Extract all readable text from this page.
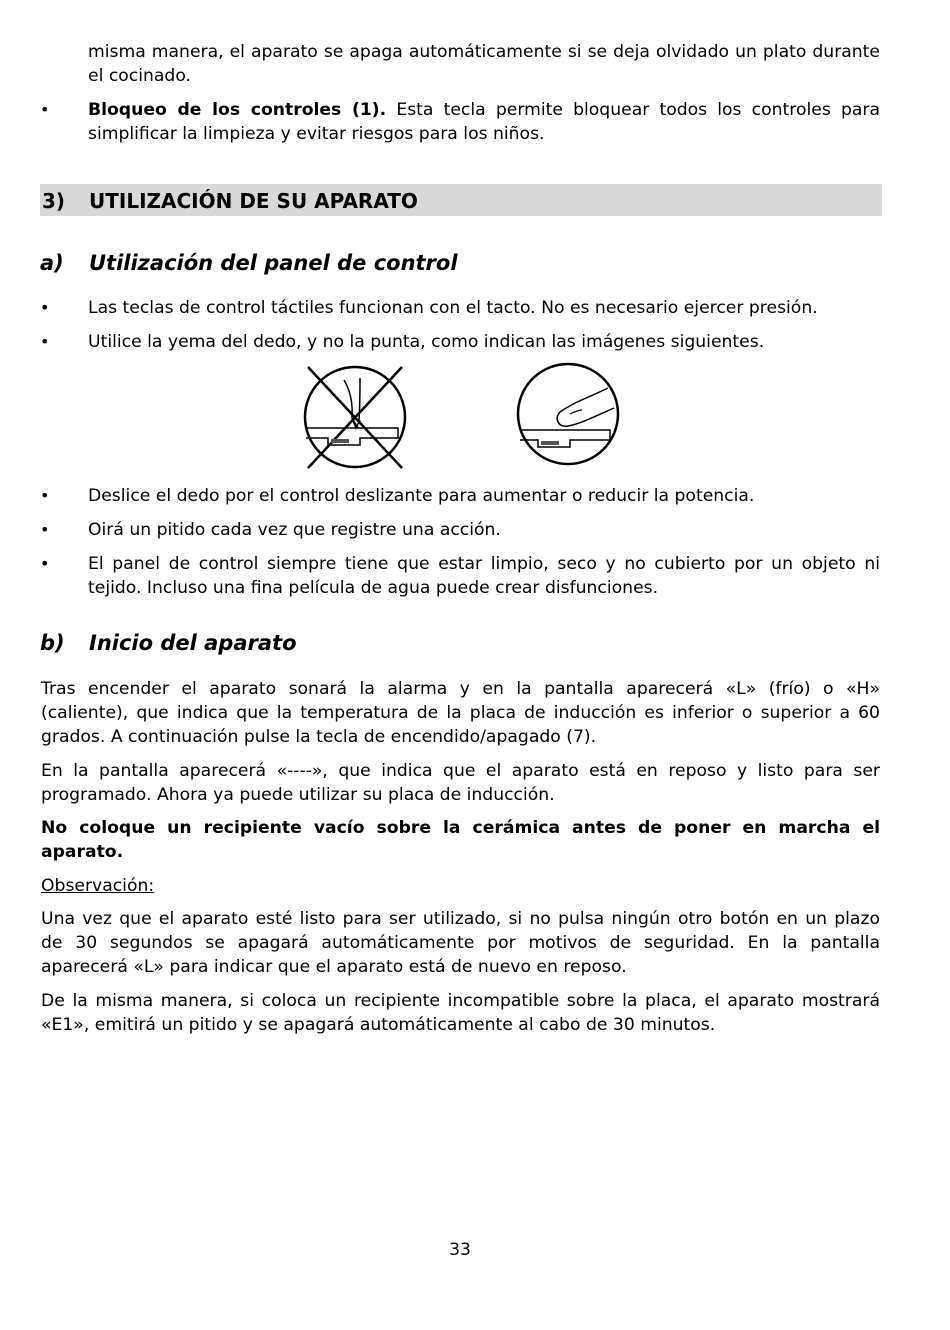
misma manera, el aparato se apaga automáticamente si se deja olvidado un plato durante
el cocinado.
• Bloqueo de los controles (1). Esta tecla permite bloquear todos los controles para
simplificar la limpieza y evitar riesgos para los niños.
3) UTILIZACIÓN DE SU APARATO
a) Utilización del panel de control
• Las teclas de control táctiles funcionan con el tacto. No es necesario ejercer presión.
• Utilice la yema del dedo, y no la punta, como indican las imágenes siguientes.
• Deslice el dedo por el control deslizante para aumentar o reducir la potencia.
• Oirá un pitido cada vez que registre una acción.
• El panel de control siempre tiene que estar limpio, seco y no cubierto por un objeto ni
tejido. Incluso una fina película de agua puede crear disfunciones.
b) Inicio del aparato
Tras encender el aparato sonará la alarma y en la pantalla aparecerá «L» (frío) o «H»
(caliente), que indica que la temperatura de la placa de inducción es inferior o superior a 60
grados. A continuación pulse la tecla de encendido/apagado (7).
En la pantalla aparecerá «----», que indica que el aparato está en reposo y listo para ser
programado. Ahora ya puede utilizar su placa de inducción.
No coloque un recipiente vacío sobre la cerámica antes de poner en marcha el
aparato.
Observación:
Una vez que el aparato esté listo para ser utilizado, si no pulsa ningún otro botón en un plazo
de 30 segundos se apagará automáticamente por motivos de seguridad. En la pantalla
aparecerá «L» para indicar que el aparato está de nuevo en reposo.
De la misma manera, si coloca un recipiente incompatible sobre la placa, el aparato mostrará
«E1», emitirá un pitido y se apagará automáticamente al cabo de 30 minutos.
33
